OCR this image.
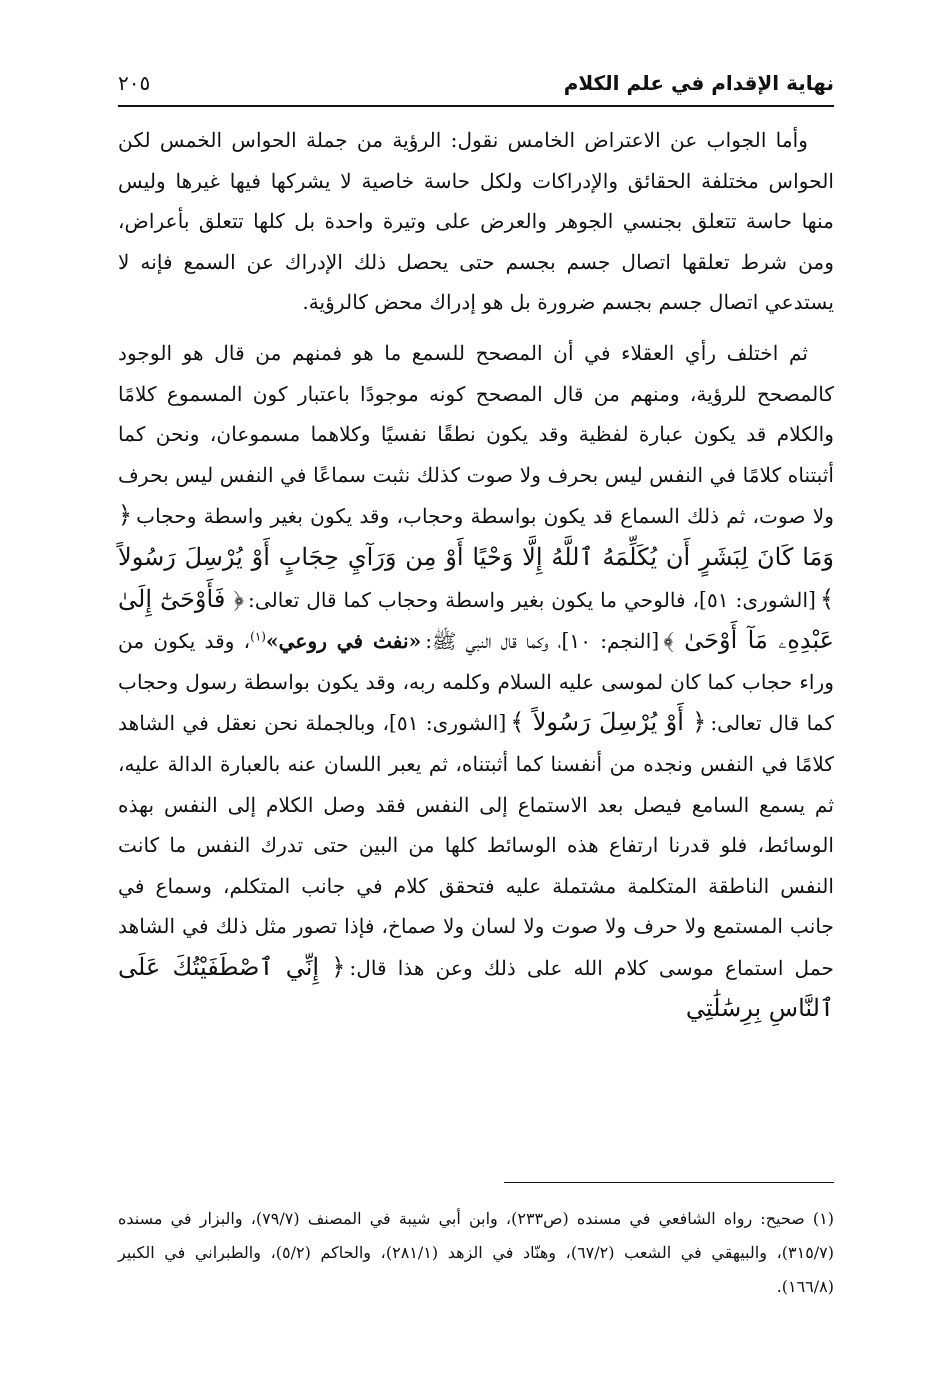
نهاية الإقدام في علم الكلام
٢٠٥

وأما الجواب عن الاعتراض الخامس نقول: الرؤية من جملة الحواس الخمس لكن الحواس مختلفة الحقائق والإدراكات ولكل حاسة خاصية لا يشركها فيها غيرها وليس منها حاسة تتعلق بجنسي الجوهر والعرض على وتيرة واحدة بل كلها تتعلق بأعراض، ومن شرط تعلقها اتصال جسم بجسم حتى يحصل ذلك الإدراك عن السمع فإنه لا يستدعي اتصال جسم بجسم ضرورة بل هو إدراك محض كالرؤية.

ثم اختلف رأي العقلاء في أن المصحح للسمع ما هو فمنهم من قال هو الوجود كالمصحح للرؤية، ومنهم من قال المصحح كونه موجودًا باعتبار كون المسموع كلامًا والكلام قد يكون عبارة لفظية وقد يكون نطقًا نفسيًا وكلاهما مسموعان، ونحن كما أثبتناه كلامًا في النفس ليس بحرف ولا صوت كذلك نثبت سماعًا في النفس ليس بحرف ولا صوت، ثم ذلك السماع قد يكون بواسطة وحجاب، وقد يكون بغير واسطة وحجاب﴿ وَمَا كَانَ لِبَشَرٍ أَن يُكَلِّمَهُ ٱللَّهُ إِلَّا وَحْيًا أَوْ مِن وَرَآيِ حِجَابٍ أَوْ يُرْسِلَ رَسُولاً ﴾[الشورى: ٥١]، فالوحي ما يكون بغير واسطة وحجاب كما قال تعالى:﴿ فَأَوْحَىٰٓ إِلَىٰ عَبْدِهِۦ مَآ أَوْحَىٰ ﴾[النجم: ١٠]، وكما قال النبي ﷺ:«نفث في روعي»$^{(١)}$، وقد يكون من وراء حجاب كما كان لموسى عليه السلام وكلمه ربه، وقد يكون بواسطة رسول وحجاب كما قال تعالى:﴿ أَوْ يُرْسِلَ رَسُولاً ﴾[الشورى: ٥١]، وبالجملة نحن نعقل في الشاهد كلامًا في النفس ونجده من أنفسنا كما أثبتناه، ثم يعبر اللسان عنه بالعبارة الدالة عليه، ثم يسمع السامع فيصل بعد الاستماع إلى النفس فقد وصل الكلام إلى النفس بهذه الوسائط، فلو قدرنا ارتفاع هذه الوسائط كلها من البين حتى تدرك النفس ما كانت النفس الناطقة المتكلمة مشتملة عليه فتحقق كلام في جانب المتكلم، وسماع في جانب المستمع ولا حرف ولا صوت ولا لسان ولا صماخ، فإذا تصور مثل ذلك في الشاهد حمل استماع موسى كلام الله على ذلك وعن هذا قال:﴿ إِنِّي ٱصْطَفَيْتُكَ عَلَى ٱلنَّاسِ بِرِسَٰلَٰتِي

(١) صحيح: رواه الشافعي في مسنده (ص٢٣٣)، وابن أبي شيبة في المصنف (٧٩/٧)، والبزار في مسنده (٣١٥/٧)، والبيهقي في الشعب (٦٧/٢)، وهنّاد في الزهد (٢٨١/١)، والحاكم (٥/٢)، والطبراني في الكبير (١٦٦/٨).
